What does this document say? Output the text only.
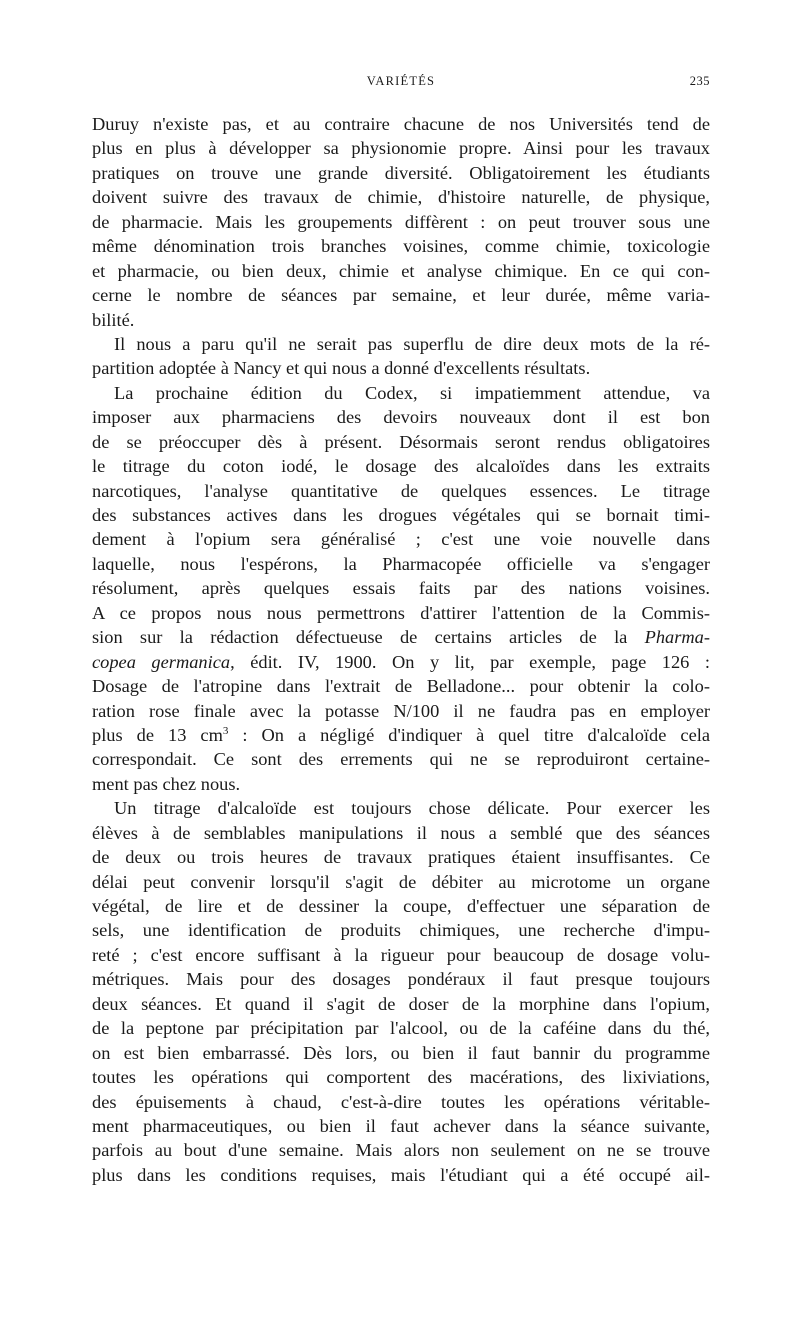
VARIÉTÉS	235

Duruy n'existe pas, et au contraire chacune de nos Universités tend de
plus en plus à développer sa physionomie propre. Ainsi pour les travaux
pratiques on trouve une grande diversité. Obligatoirement les étudiants
doivent suivre des travaux de chimie, d'histoire naturelle, de physique,
de pharmacie. Mais les groupements diffèrent : on peut trouver sous une
même dénomination trois branches voisines, comme chimie, toxicologie
et pharmacie, ou bien deux, chimie et analyse chimique. En ce qui con-
cerne le nombre de séances par semaine, et leur durée, même varia-
bilité.

Il nous a paru qu'il ne serait pas superflu de dire deux mots de la ré-
partition adoptée à Nancy et qui nous a donné d'excellents résultats.

La prochaine édition du Codex, si impatiemment attendue, va
imposer aux pharmaciens des devoirs nouveaux dont il est bon
de se préoccuper dès à présent. Désormais seront rendus obligatoires
le titrage du coton iodé, le dosage des alcaloïdes dans les extraits
narcotiques, l'analyse quantitative de quelques essences. Le titrage
des substances actives dans les drogues végétales qui se bornait timi-
dement à l'opium sera généralisé ; c'est une voie nouvelle dans
laquelle, nous l'espérons, la Pharmacopée officielle va s'engager
résolument, après quelques essais faits par des nations voisines.
A ce propos nous nous permettrons d'attirer l'attention de la Commis-
sion sur la rédaction défectueuse de certains articles de la Pharma-
copea germanica, édit. IV, 1900. On y lit, par exemple, page 126 :
Dosage de l'atropine dans l'extrait de Belladone... pour obtenir la colo-
ration rose finale avec la potasse N/100 il ne faudra pas en employer
plus de 13 $cm^3$ : On a négligé d'indiquer à quel titre d'alcaloïde cela
correspondait. Ce sont des errements qui ne se reproduiront certaine-
ment pas chez nous.

Un titrage d'alcaloïde est toujours chose délicate. Pour exercer les
élèves à de semblables manipulations il nous a semblé que des séances
de deux ou trois heures de travaux pratiques étaient insuffisantes. Ce
délai peut convenir lorsqu'il s'agit de débiter au microtome un organe
végétal, de lire et de dessiner la coupe, d'effectuer une séparation de
sels, une identification de produits chimiques, une recherche d'impu-
reté ; c'est encore suffisant à la rigueur pour beaucoup de dosage volu-
métriques. Mais pour des dosages pondéraux il faut presque toujours
deux séances. Et quand il s'agit de doser de la morphine dans l'opium,
de la peptone par précipitation par l'alcool, ou de la caféine dans du thé,
on est bien embarrassé. Dès lors, ou bien il faut bannir du programme
toutes les opérations qui comportent des macérations, des lixiviations,
des épuisements à chaud, c'est-à-dire toutes les opérations véritable-
ment pharmaceutiques, ou bien il faut achever dans la séance suivante,
parfois au bout d'une semaine. Mais alors non seulement on ne se trouve
plus dans les conditions requises, mais l'étudiant qui a été occupé ail-
